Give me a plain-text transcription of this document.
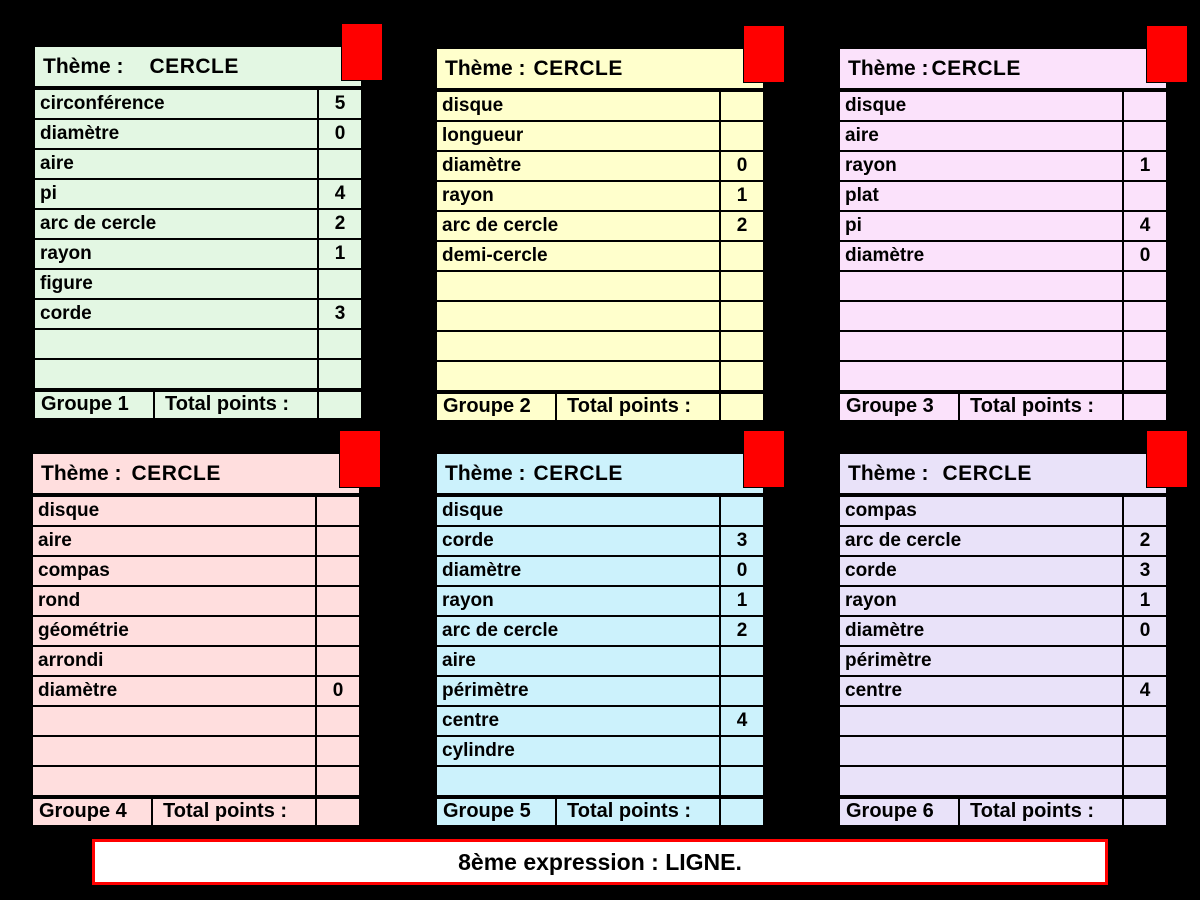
Thème : CERCLE
circonférence	5
diamètre	0
aire
pi	4
arc de cercle	2
rayon	1
figure
corde	3
Groupe 1	Total points :
Thème : CERCLE
disque
longueur
diamètre	0
rayon	1
arc de cercle	2
demi-cercle
Groupe 2	Total points :
Thème : CERCLE
disque
aire
rayon	1
plat
pi	4
diamètre	0
Groupe 3	Total points :
Thème : CERCLE
disque
aire
compas
rond
géométrie
arrondi
diamètre	0
Groupe 4	Total points :
Thème : CERCLE
disque
corde	3
diamètre	0
rayon	1
arc de cercle	2
aire
périmètre
centre	4
cylindre
Groupe 5	Total points :
Thème : CERCLE
compas
arc de cercle	2
corde	3
rayon	1
diamètre	0
périmètre
centre	4
Groupe 6	Total points :
8ème expression : LIGNE.
